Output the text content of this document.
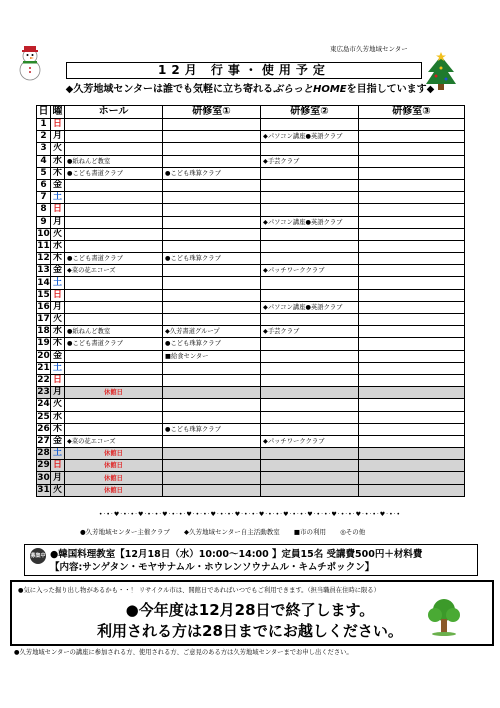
東広島市久芳地域センター
12月 行事・使用予定
◆久芳地域センターは誰でも気軽に立ち寄れるぶらっとHOMEを目指しています◆
日	曜	ホール	研修室①	研修室②	研修室③
1	日				
2	月			◆パソコン講座●英語クラブ	
3	火				
4	水	●紙ねんど教室		◆手芸クラブ	
5	木	●こども書道クラブ	●こども珠算クラブ		
6	金				
7	土				
8	日				
9	月			◆パソコン講座●英語クラブ	
10	火				
11	水				
12	木	●こども書道クラブ	●こども珠算クラブ		
13	金	◆菜の花エコーズ		◆パッチワーククラブ	
14	土				
15	日				
16	月			◆パソコン講座●英語クラブ	
17	火				
18	水	●紙ねんど教室	◆久芳書道グループ	◆手芸クラブ	
19	木	●こども書道クラブ	●こども珠算クラブ		
20	金		■給食センター		
21	土				
22	日				
23	月	休館日			
24	火				
25	水				
26	木		●こども珠算クラブ		
27	金	◆菜の花エコーズ		◆パッチワーククラブ	
28	土	休館日			
29	日	休館日			
30	月	休館日			
31	火	休館日			
•·•·♥·•·•·♥·•·•·♥·•·•·♥·•·•·♥·•·•·♥·•·•·♥·•·•·♥·•·•·♥·•·•·♥·•·•·♥·•·•·♥·•·•
●久芳地域センター主催クラブ ◆久芳地域センター自主活動教室 ■市の利用 ◎その他
募集中 ●韓国料理教室【12月18日（水）10:00～14:00 】定員15名 受講費500円＋材料費
【内容:サンゲタン・モヤサナムル・ホウレンソウナムル・キムチポックン】
●気に入った掘り出し物があるかも・・！ リサイクル市は、開館日であればいつでもご利用できます。（担当職員在住時に限る）
●今年度は12月28日で終了します。
利用される方は28日までにお越しください。
●久芳地域センターの講座に参加される方、使用される方、ご意見のある方は久芳地域センターまでお申し出ください。
